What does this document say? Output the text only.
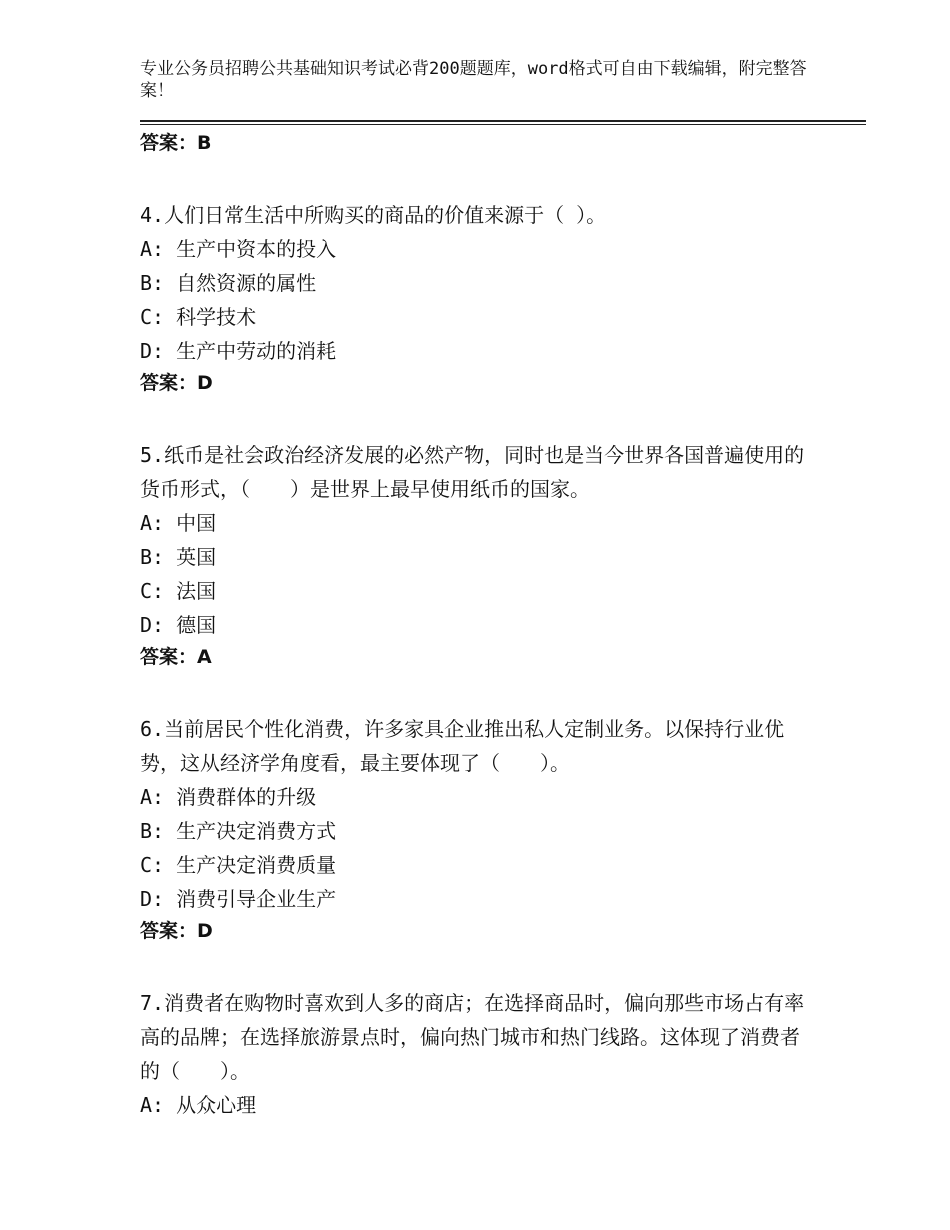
专业公务员招聘公共基础知识考试必背200题题库，word格式可自由下载编辑，附完整答案！

答案：B

4.人们日常生活中所购买的商品的价值来源于（ ）。

A: 生产中资本的投入

B: 自然资源的属性

C: 科学技术

D: 生产中劳动的消耗

答案：D

5.纸币是社会政治经济发展的必然产物，同时也是当今世界各国普遍使用的货币形式，（　　）是世界上最早使用纸币的国家。

A: 中国

B: 英国

C: 法国

D: 德国

答案：A

6.当前居民个性化消费，许多家具企业推出私人定制业务。以保持行业优势，这从经济学角度看，最主要体现了（　　）。

A: 消费群体的升级

B: 生产决定消费方式

C: 生产决定消费质量

D: 消费引导企业生产

答案：D

7.消费者在购物时喜欢到人多的商店；在选择商品时，偏向那些市场占有率高的品牌；在选择旅游景点时，偏向热门城市和热门线路。这体现了消费者的（　　）。

A: 从众心理
